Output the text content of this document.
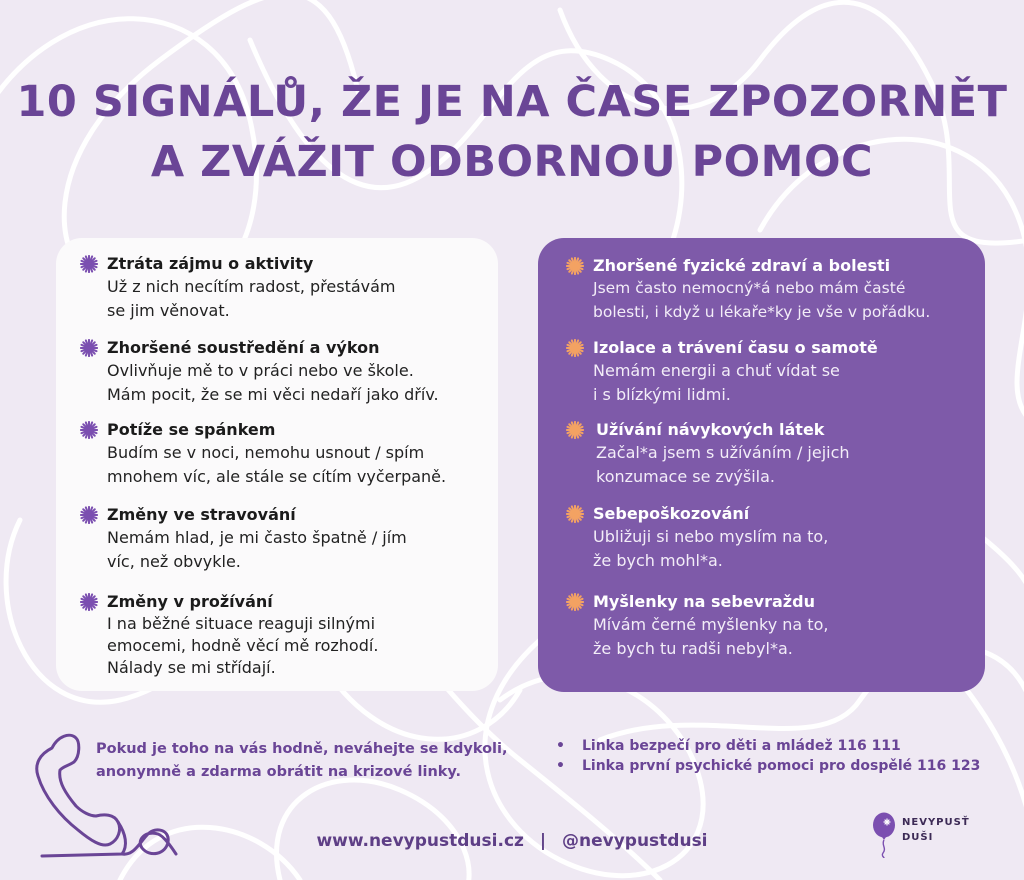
10 SIGNÁLŮ, ŽE JE NA ČASE ZPOZORNĚT
A ZVÁŽIT ODBORNOU POMOC
Ztráta zájmu o aktivity
Už z nich necítím radost, přestávám
se jim věnovat.
Zhoršené soustředění a výkon
Ovlivňuje mě to v práci nebo ve škole.
Mám pocit, že se mi věci nedaří jako dřív.
Potíže se spánkem
Budím se v noci, nemohu usnout / spím
mnohem víc, ale stále se cítím vyčerpaně.
Změny ve stravování
Nemám hlad, je mi často špatně / jím
víc, než obvykle.
Změny v prožívání
I na běžné situace reaguji silnými
emocemi, hodně věcí mě rozhodí.
Nálady se mi střídají.
Zhoršené fyzické zdraví a bolesti
Jsem často nemocný*á nebo mám časté
bolesti, i když u lékaře*ky je vše v pořádku.
Izolace a trávení času o samotě
Nemám energii a chuť vídat se
i s blízkými lidmi.
Užívání návykových látek
Začal*a jsem s užíváním / jejich
konzumace se zvýšila.
Sebepoškozování
Ubližuji si nebo myslím na to,
že bych mohl*a.
Myšlenky na sebevraždu
Mívám černé myšlenky na to,
že bych tu radši nebyl*a.
Pokud je toho na vás hodně, neváhejte se kdykoli,
anonymně a zdarma obrátit na krizové linky.
•	Linka bezpečí pro děti a mládež 116 111
•	Linka první psychické pomoci pro dospělé 116 123
www.nevypustdusi.cz | @nevypustdusi
NEVYPUSŤ
DUŠI
